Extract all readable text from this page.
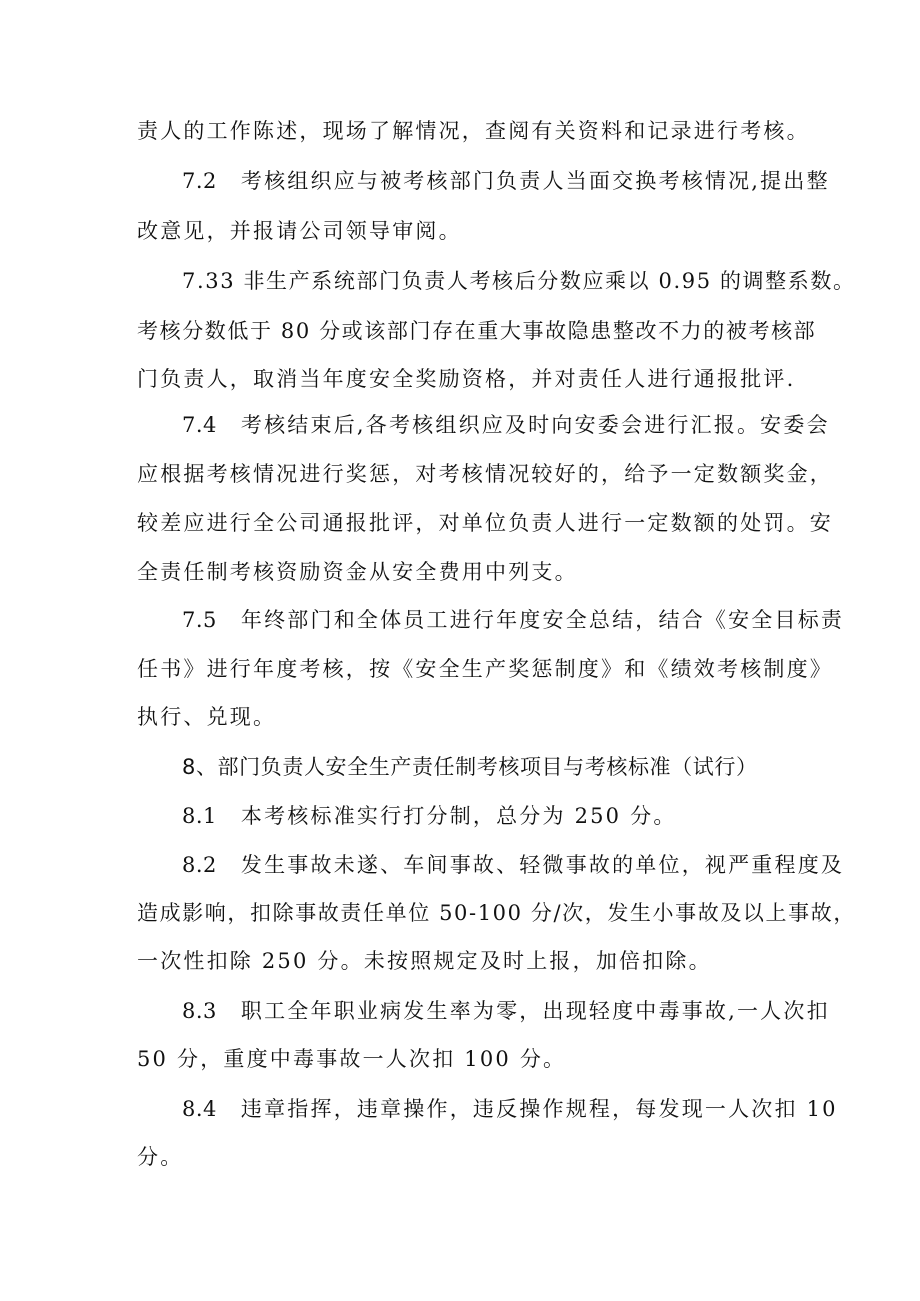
责人的工作陈述，现场了解情况，查阅有关资料和记录进行考核。
7.2 考核组织应与被考核部门负责人当面交换考核情况,提出整
改意见，并报请公司领导审阅。
7.33 非生产系统部门负责人考核后分数应乘以 0.95 的调整系数。
考核分数低于 80 分或该部门存在重大事故隐患整改不力的被考核部
门负责人，取消当年度安全奖励资格，并对责任人进行通报批评.
7.4 考核结束后,各考核组织应及时向安委会进行汇报。安委会
应根据考核情况进行奖惩，对考核情况较好的，给予一定数额奖金，
较差应进行全公司通报批评，对单位负责人进行一定数额的处罚。安
全责任制考核资励资金从安全费用中列支。
7.5 年终部门和全体员工进行年度安全总结，结合《安全目标责
任书》进行年度考核，按《安全生产奖惩制度》和《绩效考核制度》
执行、兑现。
8、部门负责人安全生产责任制考核项目与考核标准（试行）
8.1 本考核标准实行打分制，总分为 250 分。
8.2 发生事故未遂、车间事故、轻微事故的单位，视严重程度及
造成影响，扣除事故责任单位 50-100 分/次，发生小事故及以上事故，
一次性扣除 250 分。未按照规定及时上报，加倍扣除。
8.3 职工全年职业病发生率为零，出现轻度中毒事故,一人次扣
50 分，重度中毒事故一人次扣 100 分。
8.4 违章指挥，违章操作，违反操作规程，每发现一人次扣 10
分。
